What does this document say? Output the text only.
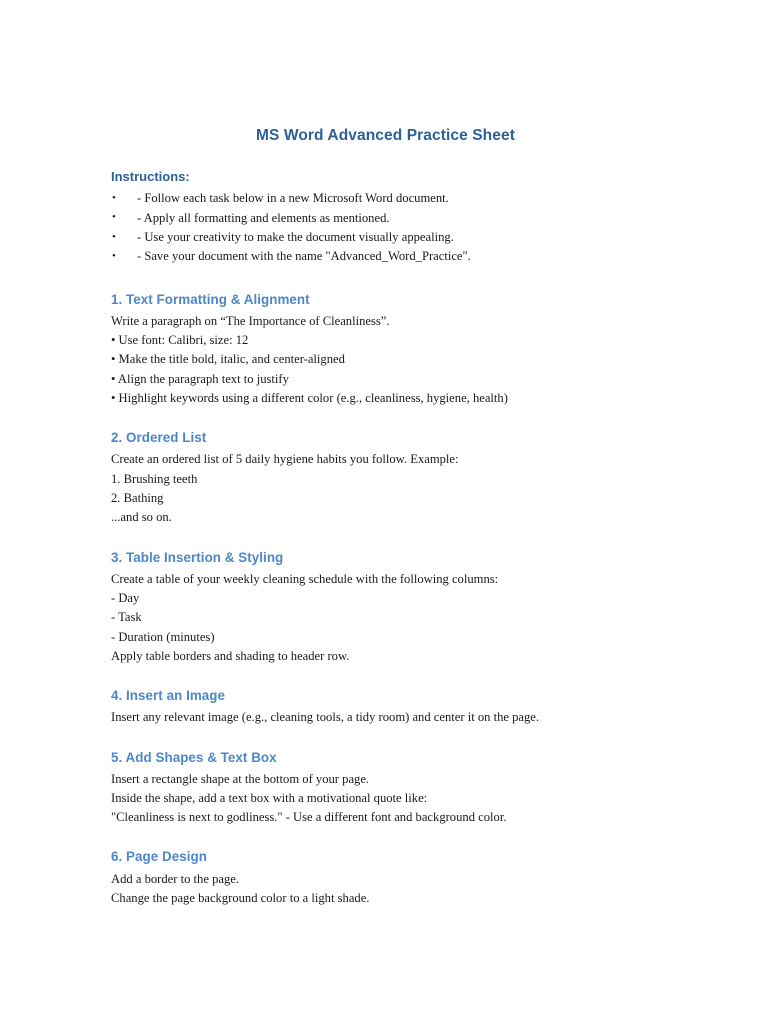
MS Word Advanced Practice Sheet
Instructions:
• - Follow each task below in a new Microsoft Word document.
• - Apply all formatting and elements as mentioned.
• - Use your creativity to make the document visually appealing.
• - Save your document with the name "Advanced_Word_Practice".
1. Text Formatting & Alignment
Write a paragraph on “The Importance of Cleanliness”.
• Use font: Calibri, size: 12
• Make the title bold, italic, and center-aligned
• Align the paragraph text to justify
• Highlight keywords using a different color (e.g., cleanliness, hygiene, health)
2. Ordered List
Create an ordered list of 5 daily hygiene habits you follow. Example:
1. Brushing teeth
2. Bathing
...and so on.
3. Table Insertion & Styling
Create a table of your weekly cleaning schedule with the following columns:
- Day
- Task
- Duration (minutes)
Apply table borders and shading to header row.
4. Insert an Image
Insert any relevant image (e.g., cleaning tools, a tidy room) and center it on the page.
5. Add Shapes & Text Box
Insert a rectangle shape at the bottom of your page.
Inside the shape, add a text box with a motivational quote like:
"Cleanliness is next to godliness." - Use a different font and background color.
6. Page Design
Add a border to the page.
Change the page background color to a light shade.
